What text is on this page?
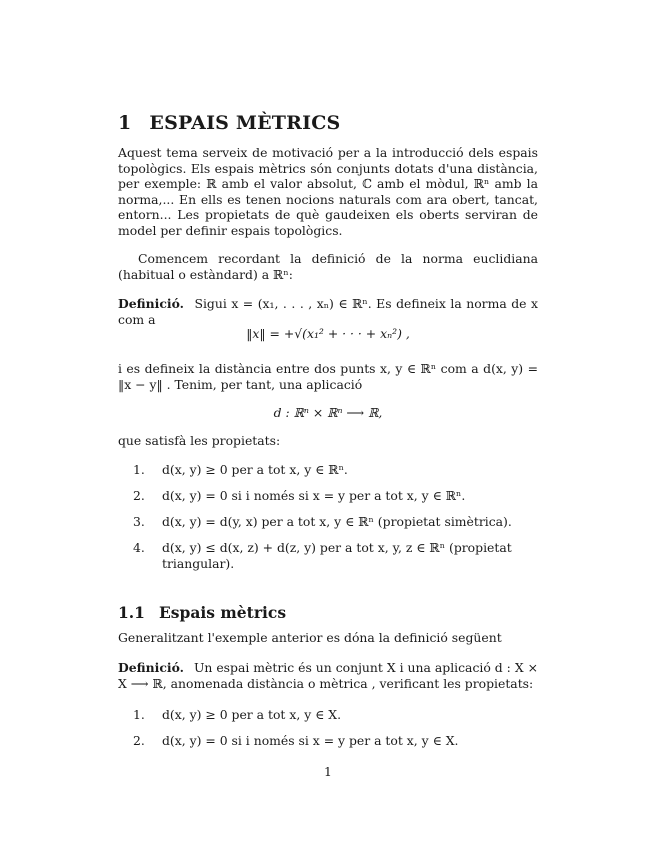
1 ESPAIS MÈTRICS
Aquest tema serveix de motivació per a la introducció dels espais topològics. Els espais mètrics són conjunts dotats d'una distància, per exemple: ℝ amb el valor absolut, ℂ amb el mòdul, ℝⁿ amb la norma,... En ells es tenen nocions naturals com ara obert, tancat, entorn... Les propietats de què gaudeixen els oberts serviran de model per definir espais topològics.
Comencem recordant la definició de la norma euclidiana (habitual o estàndard) a ℝⁿ:
Definició. Sigui x = (x₁, . . . , xₙ) ∈ ℝⁿ. Es defineix la norma de x com a
‖x‖ = +√(x₁² + · · · + xₙ²) ,
i es defineix la distància entre dos punts x, y ∈ ℝⁿ com a d(x, y) = ‖x − y‖ . Tenim, per tant, una aplicació
d : ℝⁿ × ℝⁿ ⟶ ℝ,
que satisfà les propietats:
1.	d(x, y) ≥ 0 per a tot x, y ∈ ℝⁿ.
2.	d(x, y) = 0 si i només si x = y per a tot x, y ∈ ℝⁿ.
3.	d(x, y) = d(y, x) per a tot x, y ∈ ℝⁿ (propietat simètrica).
4.	d(x, y) ≤ d(x, z) + d(z, y) per a tot x, y, z ∈ ℝⁿ (propietat triangular).
1.1 Espais mètrics
Generalitzant l'exemple anterior es dóna la definició següent
Definició. Un espai mètric és un conjunt X i una aplicació d : X × X ⟶ ℝ, anomenada distància o mètrica , verificant les propietats:
1.	d(x, y) ≥ 0 per a tot x, y ∈ X.
2.	d(x, y) = 0 si i només si x = y per a tot x, y ∈ X.
1
